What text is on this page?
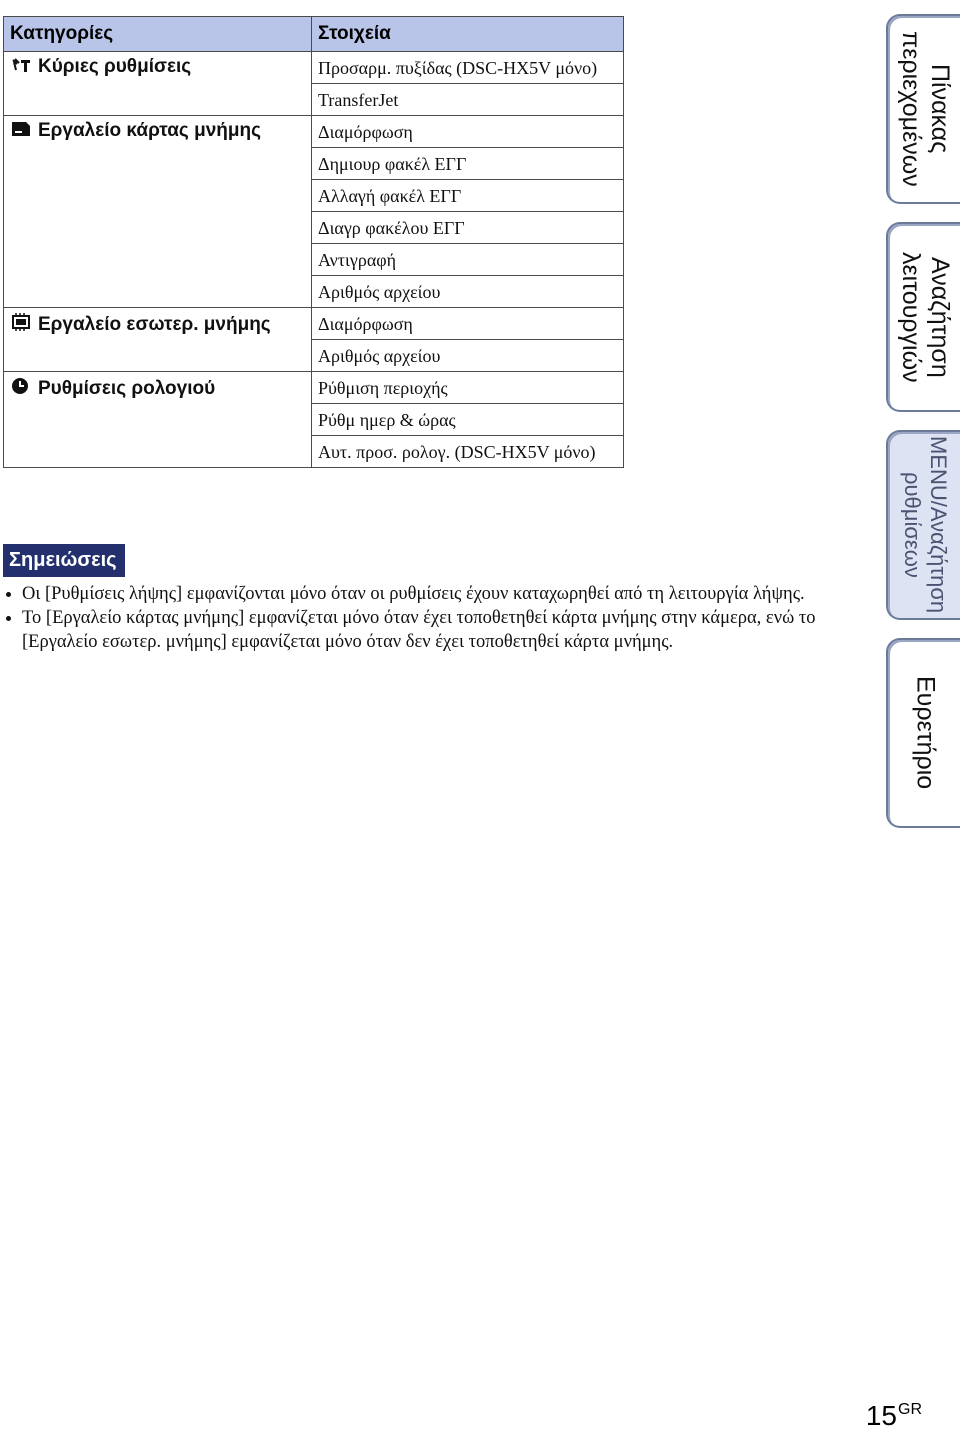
Κατηγορίες	Στοιχεία
Κύριες ρυθμίσεις	Προσαρμ. πυξίδας (DSC-HX5V μόνο)
	TransferJet
Εργαλείο κάρτας μνήμης	Διαμόρφωση
	Δημιουρ φακέλ ΕΓΓ
	Αλλαγή φακέλ ΕΓΓ
	Διαγρ φακέλου ΕΓΓ
	Αντιγραφή
	Αριθμός αρχείου
Εργαλείο εσωτερ. μνήμης	Διαμόρφωση
	Αριθμός αρχείου
Ρυθμίσεις ρολογιού	Ρύθμιση περιοχής
	Ρύθμ ημερ & ώρας
	Αυτ. προσ. ρολογ. (DSC-HX5V μόνο)
Σημειώσεις
Οι [Ρυθμίσεις λήψης] εμφανίζονται μόνο όταν οι ρυθμίσεις έχουν καταχωρηθεί από τη λειτουργία λήψης.
Το [Εργαλείο κάρτας μνήμης] εμφανίζεται μόνο όταν έχει τοποθετηθεί κάρτα μνήμης στην κάμερα, ενώ το [Εργαλείο εσωτερ. μνήμης] εμφανίζεται μόνο όταν δεν έχει τοποθετηθεί κάρτα μνήμης.
Πίνακας περιεχομένων
Αναζήτηση λειτουργιών
MENU/Αναζήτηση ρυθμίσεων
Ευρετήριο
15GR
